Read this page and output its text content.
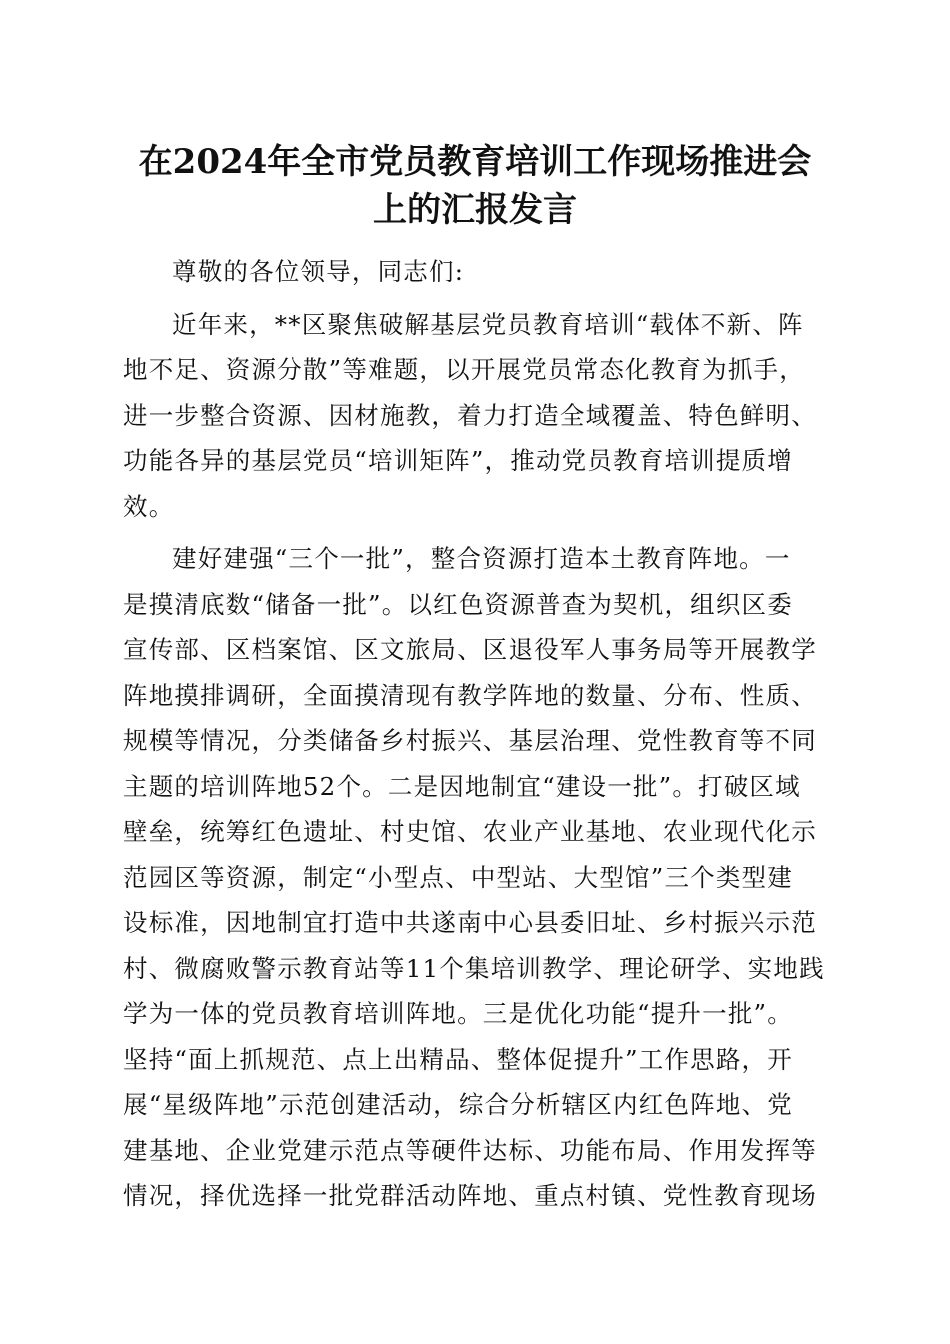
在2024年全市党员教育培训工作现场推进会
上的汇报发言
尊敬的各位领导，同志们:
近年来，**区聚焦破解基层党员教育培训“载体不新、阵
地不足、资源分散”等难题，以开展党员常态化教育为抓手，
进一步整合资源、因材施教，着力打造全域覆盖、特色鲜明、
功能各异的基层党员“培训矩阵”，推动党员教育培训提质增
效。
建好建强“三个一批”，整合资源打造本土教育阵地。一
是摸清底数“储备一批”。以红色资源普查为契机，组织区委
宣传部、区档案馆、区文旅局、区退役军人事务局等开展教学
阵地摸排调研，全面摸清现有教学阵地的数量、分布、性质、
规模等情况，分类储备乡村振兴、基层治理、党性教育等不同
主题的培训阵地52个。二是因地制宜“建设一批”。打破区域
壁垒，统筹红色遗址、村史馆、农业产业基地、农业现代化示
范园区等资源，制定“小型点、中型站、大型馆”三个类型建
设标准，因地制宜打造中共遂南中心县委旧址、乡村振兴示范
村、微腐败警示教育站等11个集培训教学、理论研学、实地践
学为一体的党员教育培训阵地。三是优化功能“提升一批”。
坚持“面上抓规范、点上出精品、整体促提升”工作思路，开
展“星级阵地”示范创建活动，综合分析辖区内红色阵地、党
建基地、企业党建示范点等硬件达标、功能布局、作用发挥等
情况，择优选择一批党群活动阵地、重点村镇、党性教育现场
